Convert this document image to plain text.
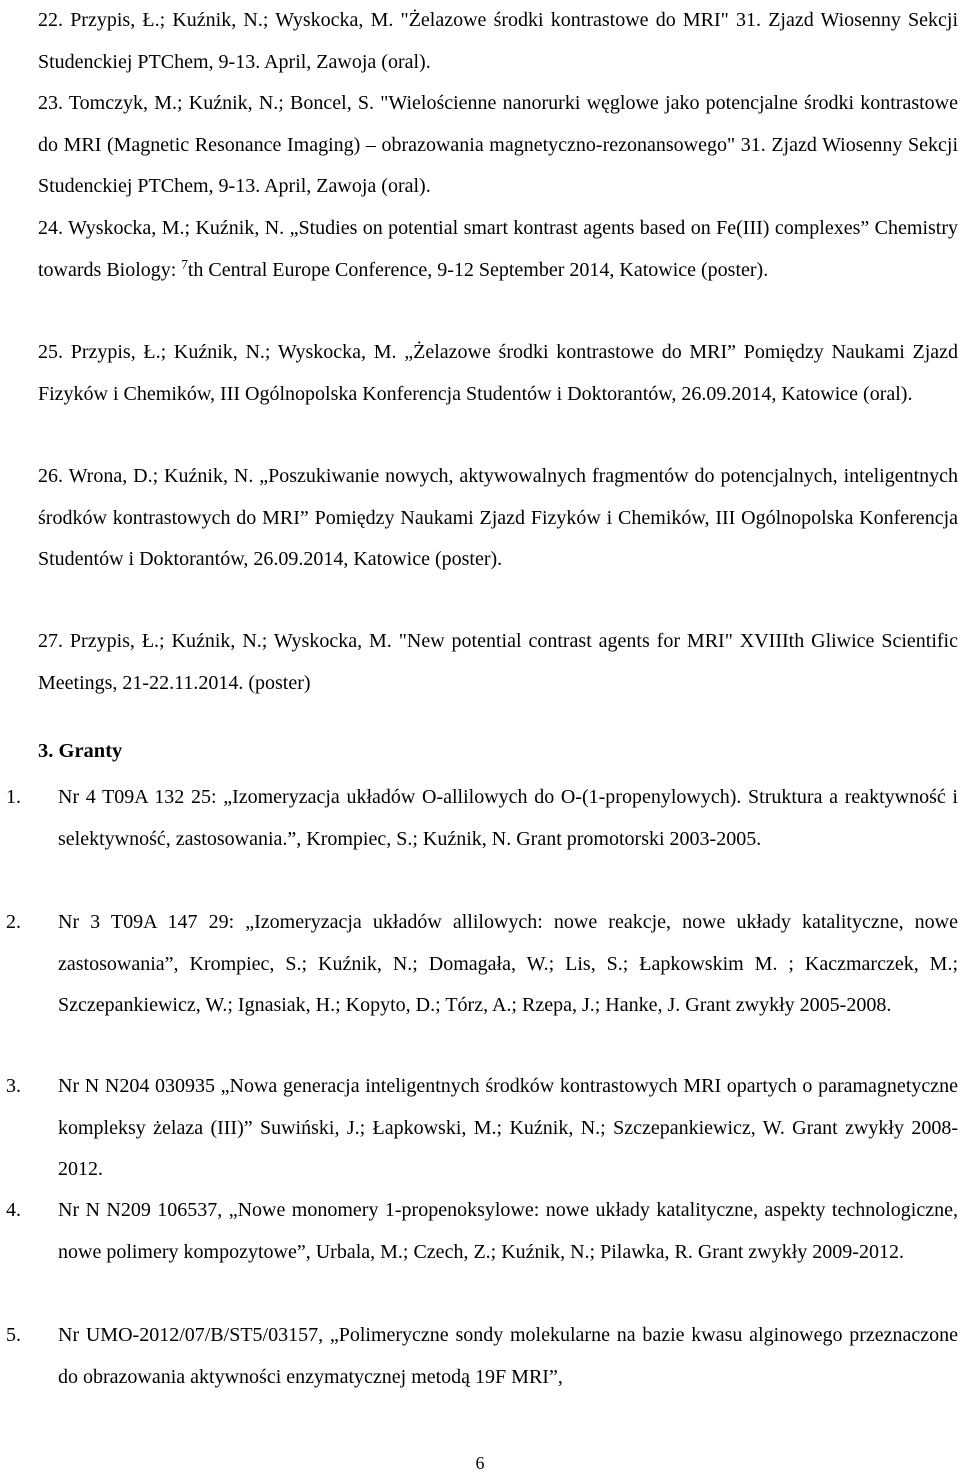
22. Przypis, Ł.; Kuźnik, N.; Wyskocka, M. "Żelazowe środki kontrastowe do MRI" 31. Zjazd Wiosenny Sekcji Studenckiej PTChem, 9-13. April, Zawoja (oral).
23. Tomczyk, M.; Kuźnik, N.; Boncel, S. "Wielościenne nanorurki węglowe jako potencjalne środki kontrastowe do MRI (Magnetic Resonance Imaging) – obrazowania magnetyczno-rezonansowego" 31. Zjazd Wiosenny Sekcji Studenckiej PTChem, 9-13. April, Zawoja (oral).
24. Wyskocka, M.; Kuźnik, N. „Studies on potential smart kontrast agents based on Fe(III) complexes” Chemistry towards Biology: $^7$th Central Europe Conference, 9-12 September 2014, Katowice (poster).
25. Przypis, Ł.; Kuźnik, N.; Wyskocka, M. „Żelazowe środki kontrastowe do MRI” Pomiędzy Naukami Zjazd Fizyków i Chemików, III Ogólnopolska Konferencja Studentów i Doktorantów, 26.09.2014, Katowice (oral).
26. Wrona, D.; Kuźnik, N. „Poszukiwanie nowych, aktywowalnych fragmentów do potencjalnych, inteligentnych środków kontrastowych do MRI” Pomiędzy Naukami Zjazd Fizyków i Chemików, III Ogólnopolska Konferencja Studentów i Doktorantów, 26.09.2014, Katowice (poster).
27. Przypis, Ł.; Kuźnik, N.; Wyskocka, M. "New potential contrast agents for MRI" XVIIIth Gliwice Scientific Meetings, 21-22.11.2014. (poster)
3. Granty
1. Nr 4 T09A 132 25: „Izomeryzacja układów O-allilowych do O-(1-propenylowych). Struktura a reaktywność i selektywność, zastosowania.”, Krompiec, S.; Kuźnik, N. Grant promotorski 2003-2005.
2. Nr 3 T09A 147 29: „Izomeryzacja układów allilowych: nowe reakcje, nowe układy katalityczne, nowe zastosowania”, Krompiec, S.; Kuźnik, N.; Domagała, W.; Lis, S.; Łapkowskim M. ; Kaczmarczek, M.; Szczepankiewicz, W.; Ignasiak, H.; Kopyto, D.; Tórz, A.; Rzepa, J.; Hanke, J. Grant zwykły 2005-2008.
3. Nr N N204 030935 „Nowa generacja inteligentnych środków kontrastowych MRI opartych o paramagnetyczne kompleksy żelaza (III)” Suwiński, J.; Łapkowski, M.; Kuźnik, N.; Szczepankiewicz, W. Grant zwykły 2008-2012.
4. Nr N N209 106537, „Nowe monomery 1-propenoksylowe: nowe układy katalityczne, aspekty technologiczne, nowe polimery kompozytowe”, Urbala, M.; Czech, Z.; Kuźnik, N.; Pilawka, R. Grant zwykły 2009-2012.
5. Nr UMO-2012/07/B/ST5/03157, „Polimeryczne sondy molekularne na bazie kwasu alginowego przeznaczone do obrazowania aktywności enzymatycznej metodą 19F MRI”,
6
